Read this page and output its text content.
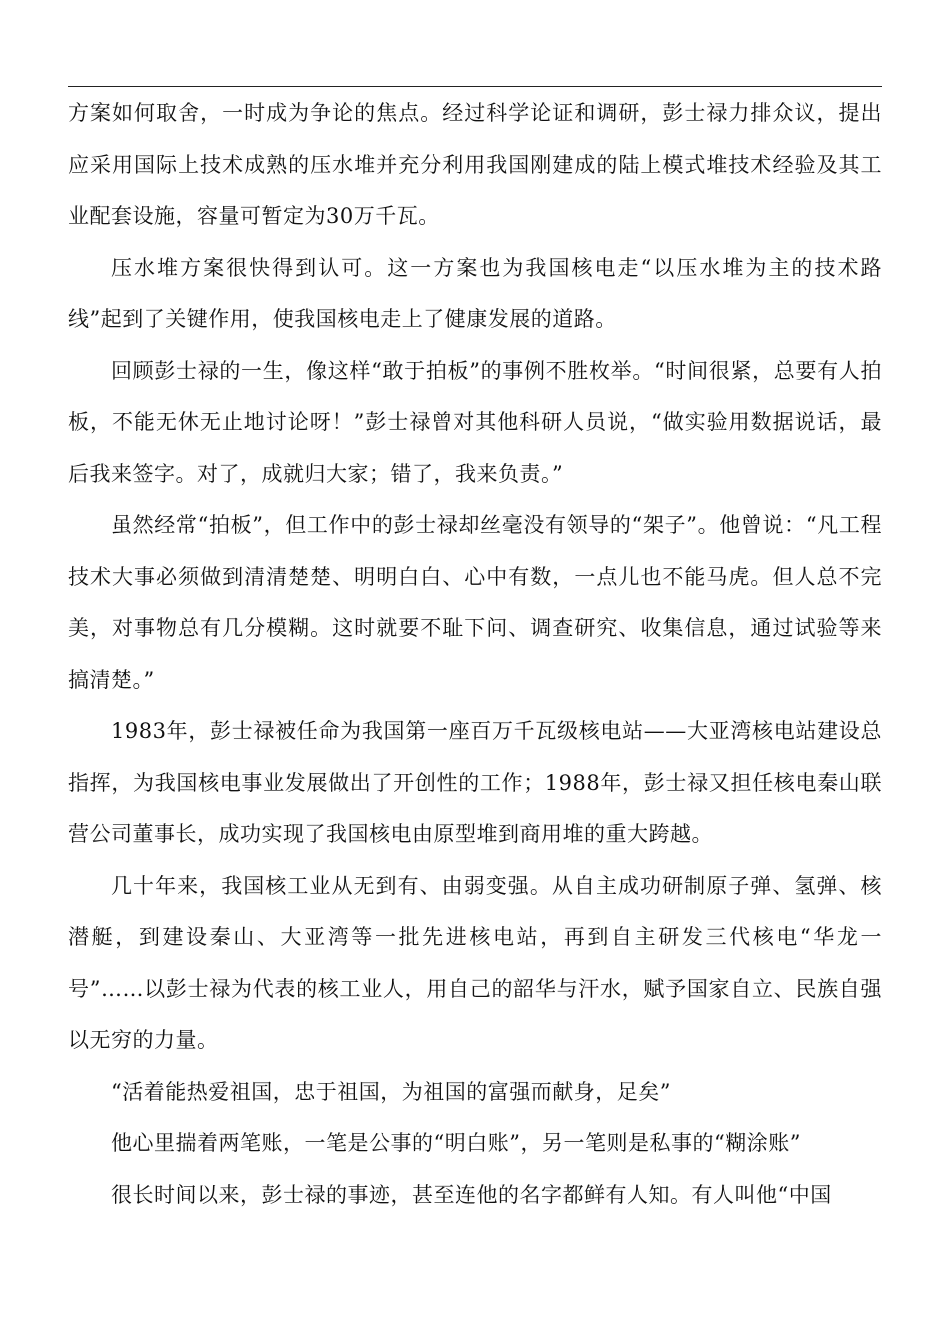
方案如何取舍，一时成为争论的焦点。经过科学论证和调研，彭士禄力排众议，提出应采用国际上技术成熟的压水堆并充分利用我国刚建成的陆上模式堆技术经验及其工业配套设施，容量可暂定为30万千瓦。

压水堆方案很快得到认可。这一方案也为我国核电走“以压水堆为主的技术路线”起到了关键作用，使我国核电走上了健康发展的道路。

回顾彭士禄的一生，像这样“敢于拍板”的事例不胜枚举。“时间很紧，总要有人拍板，不能无休无止地讨论呀！”彭士禄曾对其他科研人员说，“做实验用数据说话，最后我来签字。对了，成就归大家；错了，我来负责。”

虽然经常“拍板”，但工作中的彭士禄却丝毫没有领导的“架子”。他曾说：“凡工程技术大事必须做到清清楚楚、明明白白、心中有数，一点儿也不能马虎。但人总不完美，对事物总有几分模糊。这时就要不耻下问、调查研究、收集信息，通过试验等来搞清楚。”

1983年，彭士禄被任命为我国第一座百万千瓦级核电站——大亚湾核电站建设总指挥，为我国核电事业发展做出了开创性的工作；1988年，彭士禄又担任核电秦山联营公司董事长，成功实现了我国核电由原型堆到商用堆的重大跨越。

几十年来，我国核工业从无到有、由弱变强。从自主成功研制原子弹、氢弹、核潜艇，到建设秦山、大亚湾等一批先进核电站，再到自主研发三代核电“华龙一号”……以彭士禄为代表的核工业人，用自己的韶华与汗水，赋予国家自立、民族自强以无穷的力量。

“活着能热爱祖国，忠于祖国，为祖国的富强而献身，足矣”

他心里揣着两笔账，一笔是公事的“明白账”，另一笔则是私事的“糊涂账”

很长时间以来，彭士禄的事迹，甚至连他的名字都鲜有人知。有人叫他“中国
